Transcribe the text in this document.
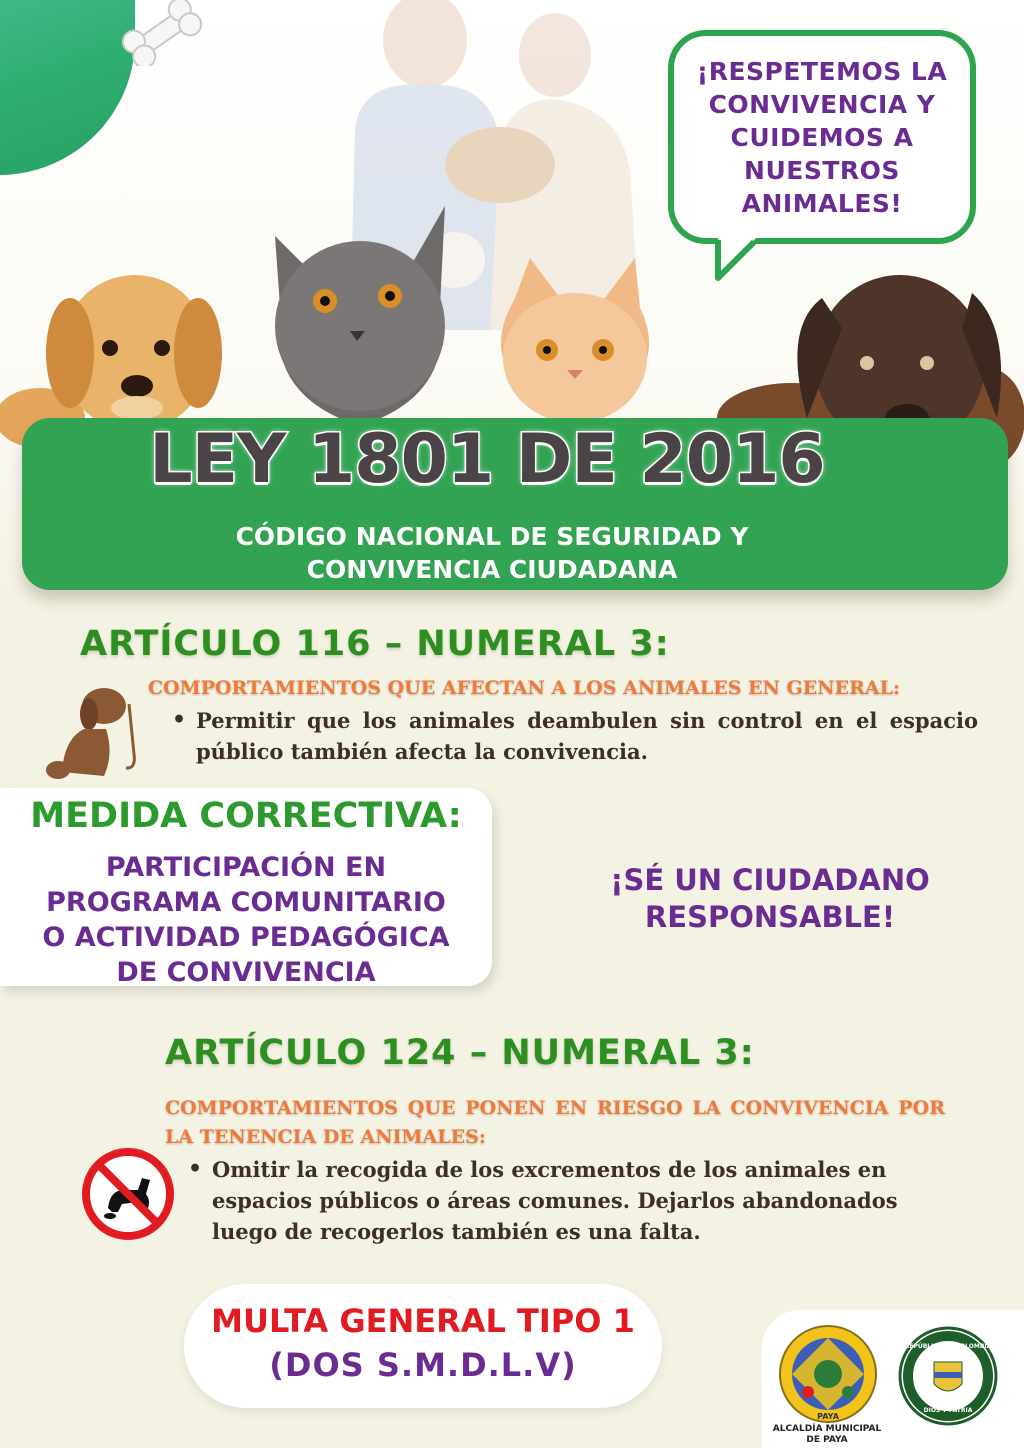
¡RESPETEMOS LA
CONVIVENCIA Y
CUIDEMOS A
NUESTROS
ANIMALES!
LEY 1801 DE 2016
CÓDIGO NACIONAL DE SEGURIDAD Y
CONVIVENCIA CIUDADANA
ARTÍCULO 116 – NUMERAL 3:
COMPORTAMIENTOS QUE AFECTAN A LOS ANIMALES EN GENERAL:
• Permitir que los animales deambulen sin control en el espacio público también afecta la convivencia.
MEDIDA CORRECTIVA:
PARTICIPACIÓN EN
PROGRAMA COMUNITARIO
O ACTIVIDAD PEDAGÓGICA
DE CONVIVENCIA
¡SÉ UN CIUDADANO
RESPONSABLE!
ARTÍCULO 124 – NUMERAL 3:
COMPORTAMIENTOS QUE PONEN EN RIESGO LA CONVIVENCIA POR LA TENENCIA DE ANIMALES:
• Omitir la recogida de los excrementos de los animales en espacios públicos o áreas comunes. Dejarlos abandonados luego de recogerlos también es una falta.
MULTA GENERAL TIPO 1
(DOS S.M.D.L.V)
PAYA
ALCALDÍA MUNICIPAL
DE PAYA
REPÚBLICA DE COLOMBIA
DIOS Y PATRIA
